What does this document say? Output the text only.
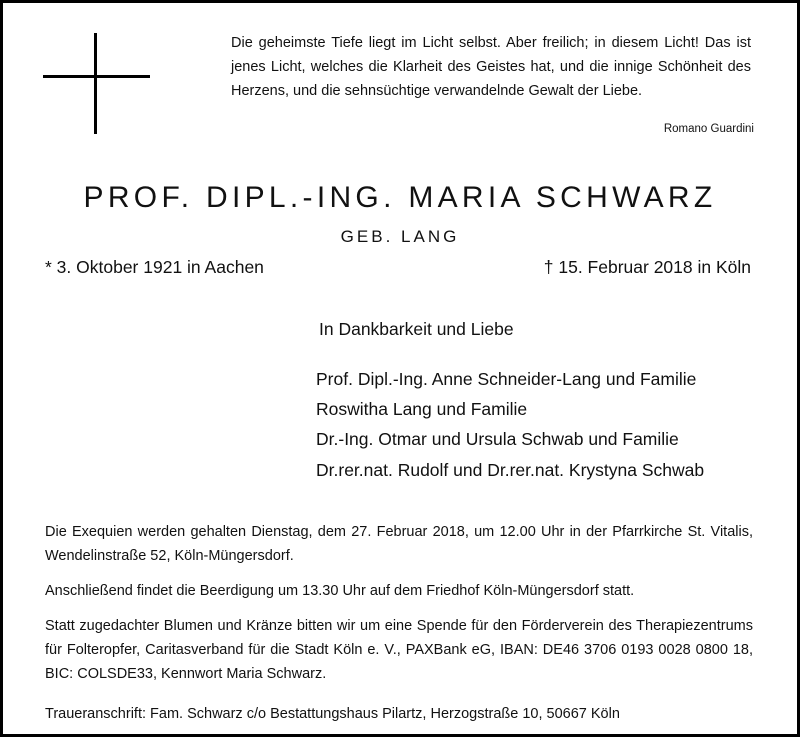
Die geheimste Tiefe liegt im Licht selbst. Aber freilich; in diesem Licht! Das ist jenes Licht, welches die Klarheit des Geistes hat, und die innige Schönheit des Herzens, und die sehnsüchtige verwandelnde Gewalt der Liebe.
Romano Guardini
PROF. DIPL.-ING. MARIA SCHWARZ
GEB. LANG
* 3. Oktober 1921 in Aachen	† 15. Februar 2018 in Köln
In Dankbarkeit und Liebe
Prof. Dipl.-Ing. Anne Schneider-Lang und Familie
Roswitha Lang und Familie
Dr.-Ing. Otmar und Ursula Schwab und Familie
Dr.rer.nat. Rudolf und Dr.rer.nat. Krystyna Schwab
Die Exequien werden gehalten Dienstag, dem 27. Februar 2018, um 12.00 Uhr in der Pfarrkirche St. Vitalis, Wendelinstraße 52, Köln-Müngersdorf.
Anschließend findet die Beerdigung um 13.30 Uhr auf dem Friedhof Köln-Müngersdorf statt.
Statt zugedachter Blumen und Kränze bitten wir um eine Spende für den Förderverein des Therapiezentrums für Folteropfer, Caritasverband für die Stadt Köln e. V., PAXBank eG, IBAN: DE46 3706 0193 0028 0800 18, BIC: COLSDE33, Kennwort Maria Schwarz.
Traueranschrift: Fam. Schwarz c/o Bestattungshaus Pilartz, Herzogstraße 10, 50667 Köln
